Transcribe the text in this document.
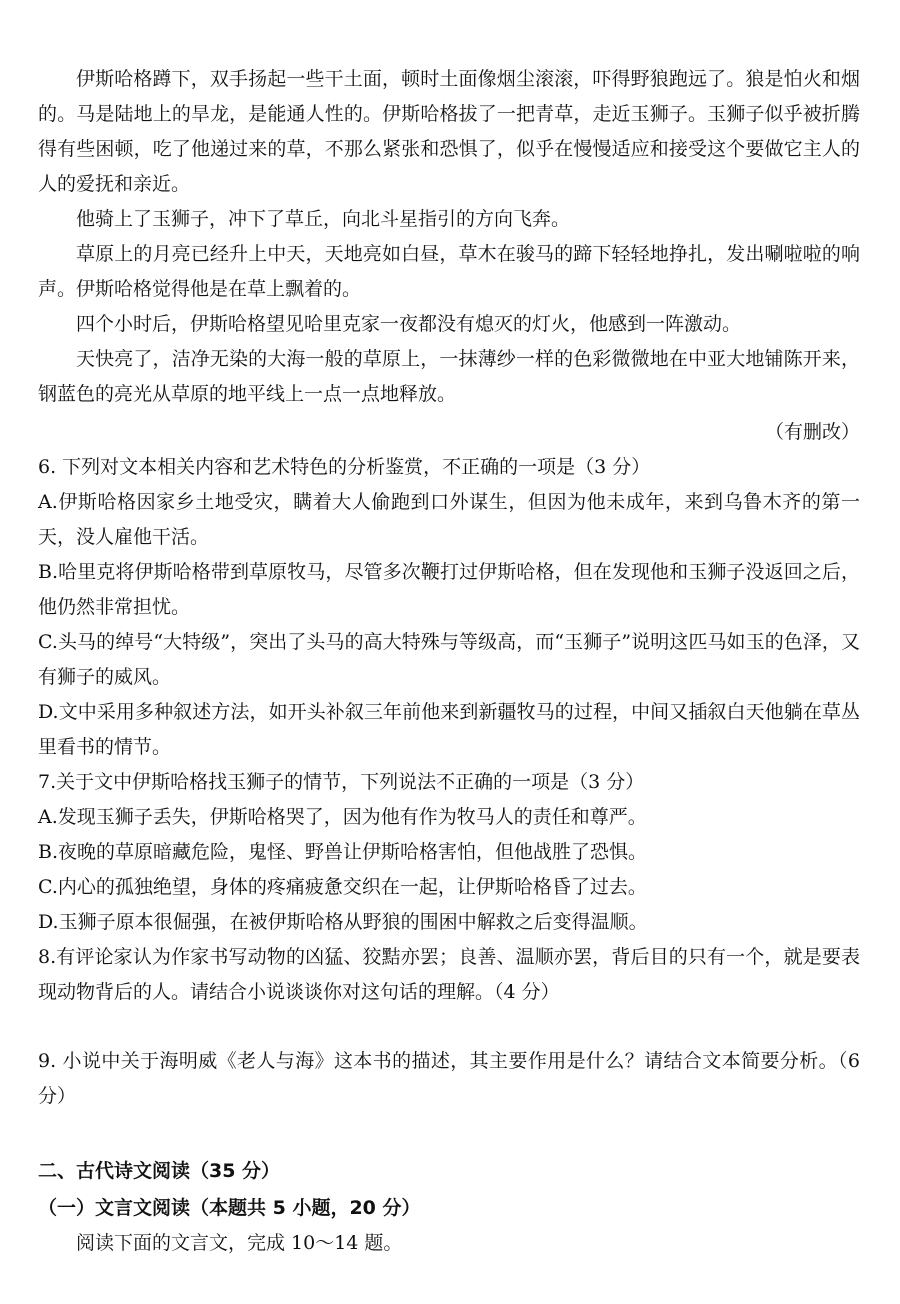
伊斯哈格蹲下，双手扬起一些干土面，顿时土面像烟尘滚滚，吓得野狼跑远了。狼是怕火和烟的。马是陆地上的旱龙，是能通人性的。伊斯哈格拔了一把青草，走近玉狮子。玉狮子似乎被折腾得有些困顿，吃了他递过来的草，不那么紧张和恐惧了，似乎在慢慢适应和接受这个要做它主人的人的爱抚和亲近。

他骑上了玉狮子，冲下了草丘，向北斗星指引的方向飞奔。

草原上的月亮已经升上中天，天地亮如白昼，草木在骏马的蹄下轻轻地挣扎，发出唰啦啦的响声。伊斯哈格觉得他是在草上飘着的。

四个小时后，伊斯哈格望见哈里克家一夜都没有熄灭的灯火，他感到一阵激动。

天快亮了，洁净无染的大海一般的草原上，一抹薄纱一样的色彩微微地在中亚大地铺陈开来，钢蓝色的亮光从草原的地平线上一点一点地释放。

（有删改）

6. 下列对文本相关内容和艺术特色的分析鉴赏，不正确的一项是（3 分）

A.伊斯哈格因家乡土地受灾，瞒着大人偷跑到口外谋生，但因为他未成年，来到乌鲁木齐的第一天，没人雇他干活。

B.哈里克将伊斯哈格带到草原牧马，尽管多次鞭打过伊斯哈格，但在发现他和玉狮子没返回之后，他仍然非常担忧。

C.头马的绰号“大特级”，突出了头马的高大特殊与等级高，而“玉狮子”说明这匹马如玉的色泽，又有狮子的威风。

D.文中采用多种叙述方法，如开头补叙三年前他来到新疆牧马的过程，中间又插叙白天他躺在草丛里看书的情节。

7.关于文中伊斯哈格找玉狮子的情节，下列说法不正确的一项是（3 分）

A.发现玉狮子丢失，伊斯哈格哭了，因为他有作为牧马人的责任和尊严。

B.夜晚的草原暗藏危险，鬼怪、野兽让伊斯哈格害怕，但他战胜了恐惧。

C.内心的孤独绝望，身体的疼痛疲惫交织在一起，让伊斯哈格昏了过去。

D.玉狮子原本很倔强，在被伊斯哈格从野狼的围困中解救之后变得温顺。

8.有评论家认为作家书写动物的凶猛、狡黠亦罢；良善、温顺亦罢，背后目的只有一个，就是要表现动物背后的人。请结合小说谈谈你对这句话的理解。（4 分）

9. 小说中关于海明威《老人与海》这本书的描述，其主要作用是什么？请结合文本简要分析。（6 分）

二、古代诗文阅读（35 分）

（一）文言文阅读（本题共 5 小题，20 分）

阅读下面的文言文，完成 10～14 题。
